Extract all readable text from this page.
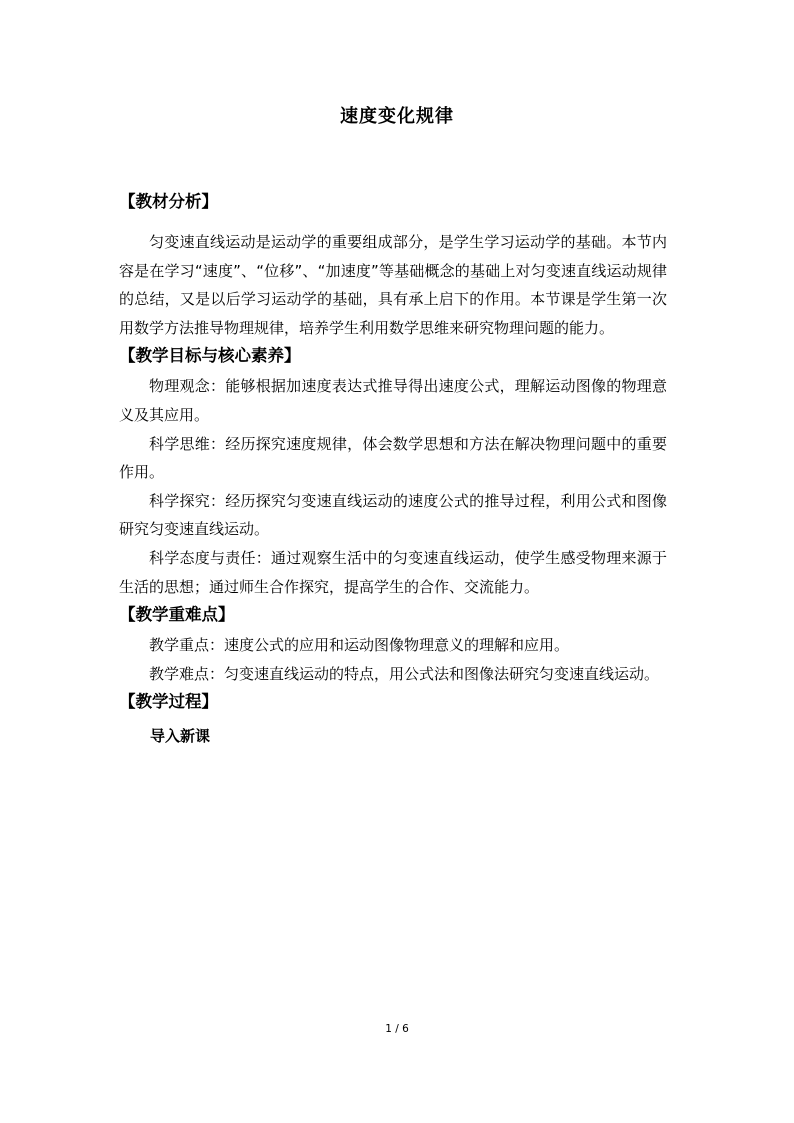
速度变化规律
【教材分析】

匀变速直线运动是运动学的重要组成部分，是学生学习运动学的基础。本节内容是在学习“速度”、“位移”、“加速度”等基础概念的基础上对匀变速直线运动规律的总结，又是以后学习运动学的基础，具有承上启下的作用。本节课是学生第一次用数学方法推导物理规律，培养学生利用数学思维来研究物理问题的能力。

【教学目标与核心素养】

物理观念：能够根据加速度表达式推导得出速度公式，理解运动图像的物理意义及其应用。

科学思维：经历探究速度规律，体会数学思想和方法在解决物理问题中的重要作用。

科学探究：经历探究匀变速直线运动的速度公式的推导过程，利用公式和图像研究匀变速直线运动。

科学态度与责任：通过观察生活中的匀变速直线运动，使学生感受物理来源于生活的思想；通过师生合作探究，提高学生的合作、交流能力。

【教学重难点】

教学重点：速度公式的应用和运动图像物理意义的理解和应用。

教学难点：匀变速直线运动的特点，用公式法和图像法研究匀变速直线运动。

【教学过程】
导入新课
1 / 6
